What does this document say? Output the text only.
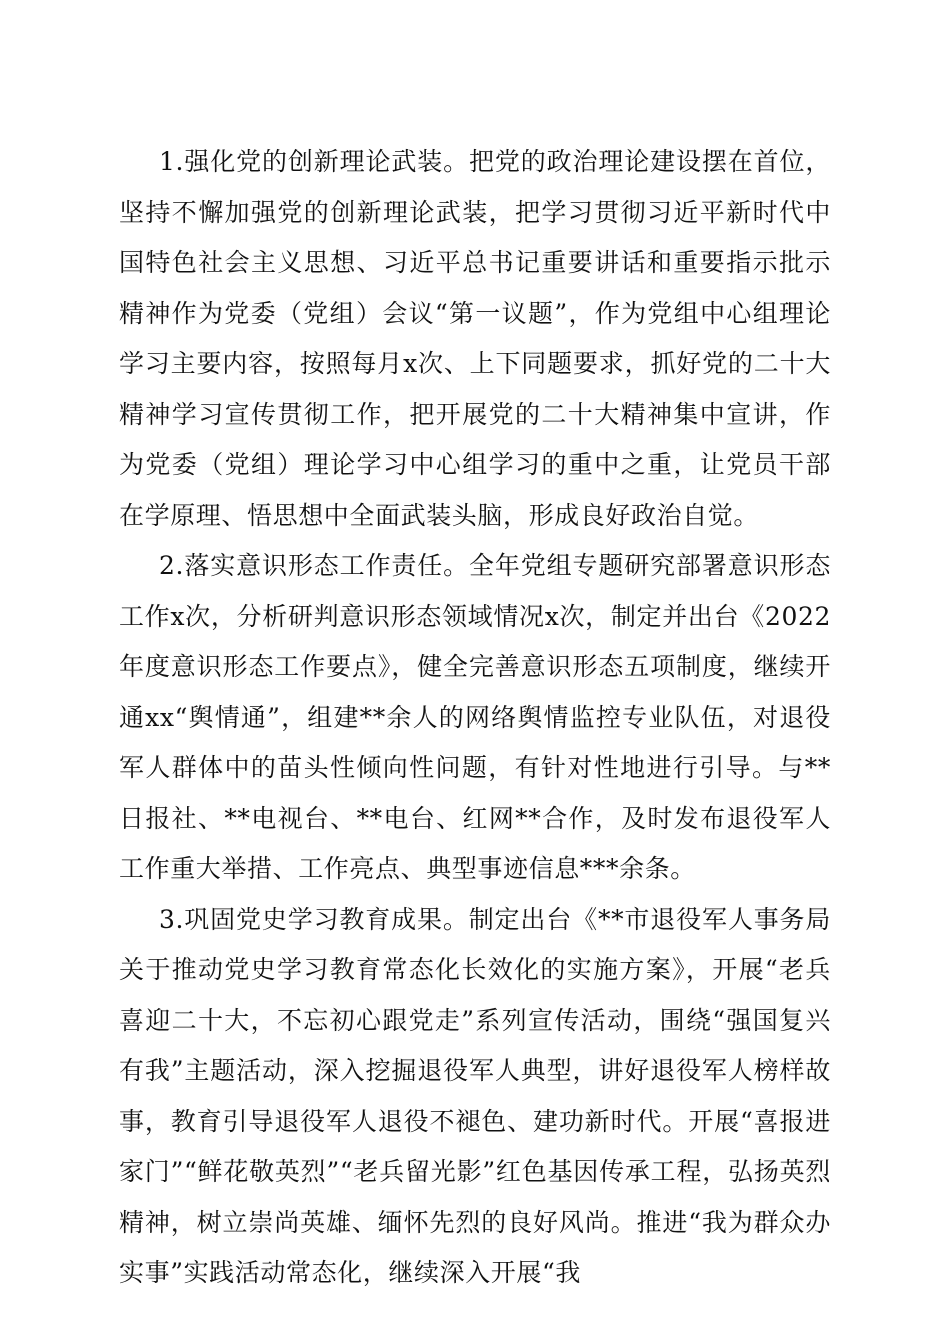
1.强化党的创新理论武装。把党的政治理论建设摆在首位，坚持不懈加强党的创新理论武装，把学习贯彻习近平新时代中国特色社会主义思想、习近平总书记重要讲话和重要指示批示精神作为党委（党组）会议“第一议题”，作为党组中心组理论学习主要内容，按照每月x次、上下同题要求，抓好党的二十大精神学习宣传贯彻工作，把开展党的二十大精神集中宣讲，作为党委（党组）理论学习中心组学习的重中之重，让党员干部在学原理、悟思想中全面武装头脑，形成良好政治自觉。

2.落实意识形态工作责任。全年党组专题研究部署意识形态工作x次，分析研判意识形态领域情况x次，制定并出台《2022年度意识形态工作要点》，健全完善意识形态五项制度，继续开通xx“舆情通”，组建**余人的网络舆情监控专业队伍，对退役军人群体中的苗头性倾向性问题，有针对性地进行引导。与**日报社、**电视台、**电台、红网**合作，及时发布退役军人工作重大举措、工作亮点、典型事迹信息***余条。

3.巩固党史学习教育成果。制定出台《**市退役军人事务局关于推动党史学习教育常态化长效化的实施方案》，开展“老兵喜迎二十大，不忘初心跟党走”系列宣传活动，围绕“强国复兴有我”主题活动，深入挖掘退役军人典型，讲好退役军人榜样故事，教育引导退役军人退役不褪色、建功新时代。开展“喜报进家门”“鲜花敬英烈”“老兵留光影”红色基因传承工程，弘扬英烈精神，树立崇尚英雄、缅怀先烈的良好风尚。推进“我为群众办实事”实践活动常态化，继续深入开展“我
